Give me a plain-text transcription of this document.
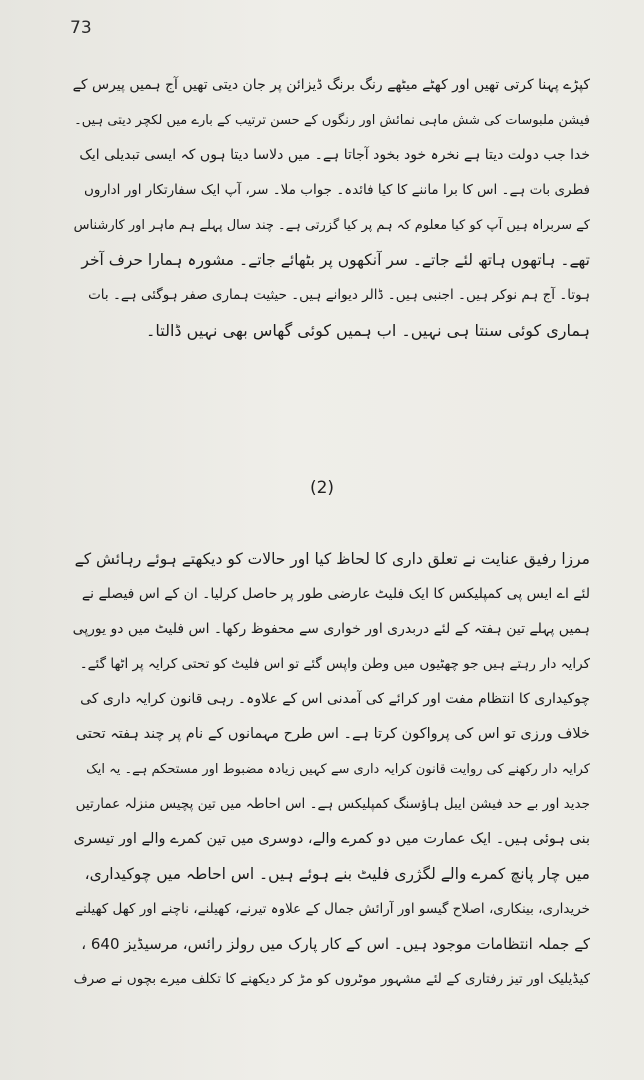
73
کپڑے پہنا کرتی تھیں اور کھٹے میٹھے رنگ برنگ ڈیزائن پر جان دیتی تھیں آج ہمیں پیرس کے
فیشن ملبوسات کی شش ماہی نمائش اور رنگوں کے حسن ترتیب کے بارے میں لکچر دیتی ہیں۔
خدا جب دولت دیتا ہے نخرہ خود بخود آجاتا ہے۔ میں دلاسا دیتا ہوں کہ ایسی تبدیلی ایک
فطری بات ہے۔ اس کا برا ماننے کا کیا فائدہ۔ جواب ملا۔ سر، آپ ایک سفارتکار اور اداروں
کے سربراہ ہیں آپ کو کیا معلوم کہ ہم پر کیا گزرتی ہے۔ چند سال پہلے ہم ماہر اور کارشناس
تھے۔ ہاتھوں ہاتھ لئے جاتے۔ سر آنکھوں پر بٹھائے جاتے۔ مشورہ ہمارا حرف آخر
ہوتا۔ آج ہم نوکر ہیں۔ اجنبی ہیں۔ ڈالر دیوانے ہیں۔ حیثیت ہماری صفر ہوگئی ہے۔ بات
ہماری کوئی سنتا ہی نہیں۔ اب ہمیں کوئی گھاس بھی نہیں ڈالتا۔
(2)
مرزا رفیق عنایت نے تعلق داری کا لحاظ کیا اور حالات کو دیکھتے ہوئے رہائش کے
لئے اے ایس پی کمپلیکس کا ایک فلیٹ عارضی طور پر حاصل کرلیا۔ ان کے اس فیصلے نے
ہمیں پہلے تین ہفتہ کے لئے دربدری اور خواری سے محفوظ رکھا۔ اس فلیٹ میں دو یورپی
کرایہ دار رہتے ہیں جو چھٹیوں میں وطن واپس گئے تو اس فلیٹ کو تحتی کرایہ پر اٹھا گئے۔
چوکیداری کا انتظام مفت اور کرائے کی آمدنی اس کے علاوہ۔ رہی قانون کرایہ داری کی
خلاف ورزی تو اس کی پرواکون کرتا ہے۔ اس طرح مہمانوں کے نام پر چند ہفتہ تحتی
کرایہ دار رکھنے کی روایت قانون کرایہ داری سے کہیں زیادہ مضبوط اور مستحکم ہے۔ یہ ایک
جدید اور بے حد فیشن ایبل ہاؤسنگ کمپلیکس ہے۔ اس احاطہ میں تین پچیس منزلہ عمارتیں
بنی ہوئی ہیں۔ ایک عمارت میں دو کمرے والے، دوسری میں تین کمرے والے اور تیسری
میں چار پانچ کمرے والے لگژری فلیٹ بنے ہوئے ہیں۔ اس احاطہ میں چوکیداری،
خریداری، بینکاری، اصلاح گیسو اور آرائش جمال کے علاوہ تیرنے، کھیلنے، ناچنے اور کھل کھیلنے
کے جملہ انتظامات موجود ہیں۔ اس کے کار پارک میں رولز رائس، مرسیڈیز 640 ،
کیڈیلیک اور تیز رفتاری کے لئے مشہور موٹروں کو مڑ کر دیکھنے کا تکلف میرے بچوں نے صرف
